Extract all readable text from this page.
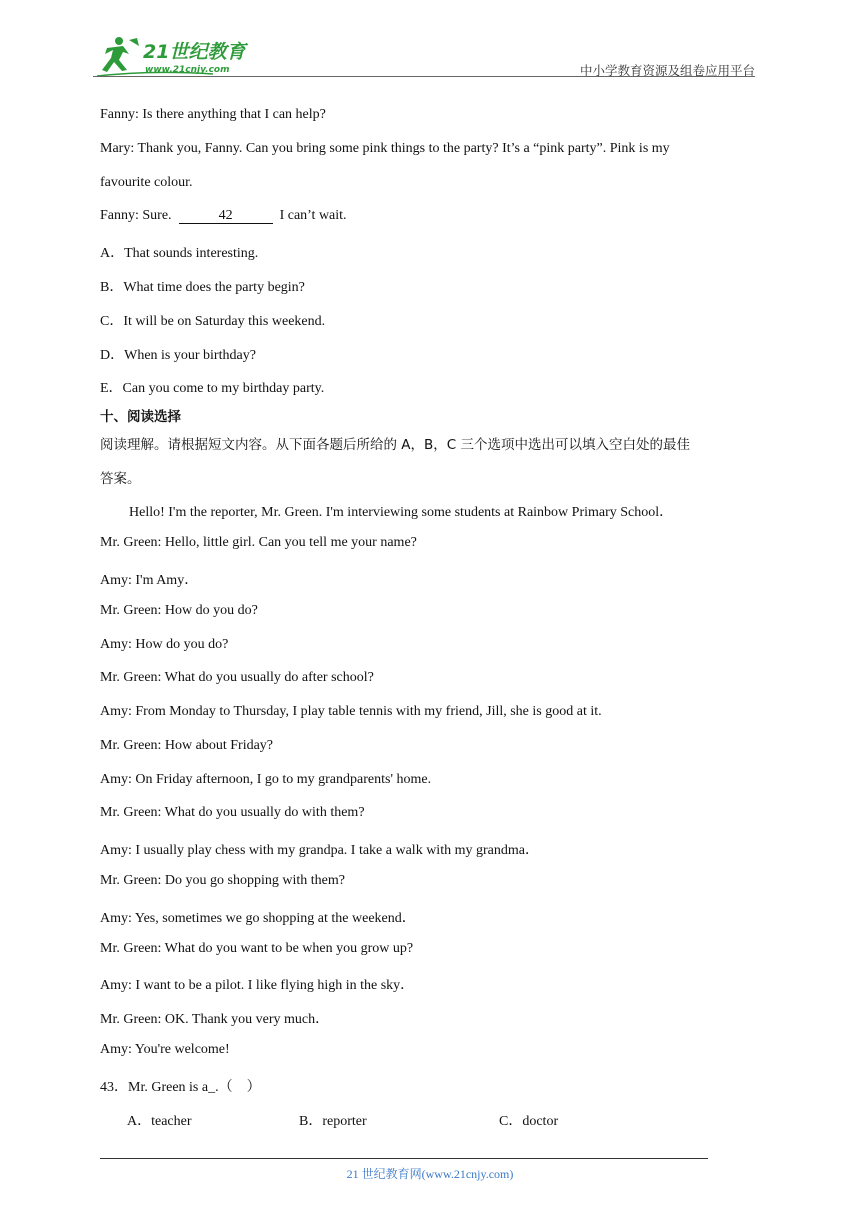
21世纪教育
www.21cnjy.com	中小学教育资源及组卷应用平台
Fanny: Is there anything that I can help?
Mary: Thank you, Fanny. Can you bring some pink things to the party? It’s a “pink party”. Pink is my
favourite colour.
Fanny: Sure.	42	I can’t wait.
A．That sounds interesting.
B．What time does the party begin?
C．It will be on Saturday this weekend.
D．When is your birthday?
E．Can you come to my birthday party.
十、阅读选择
阅读理解。请根据短文内容。从下面各题后所给的 A，B，C 三个选项中选出可以填入空白处的最佳
答案。
Hello! I'm the reporter, Mr. Green. I'm interviewing some students at Rainbow Primary School．
Mr. Green: Hello, little girl. Can you tell me your name?
Amy: I'm Amy．
Mr. Green: How do you do?
Amy: How do you do?
Mr. Green: What do you usually do after school?
Amy: From Monday to Thursday, I play table tennis with my friend, Jill, she is good at it.
Mr. Green: How about Friday?
Amy: On Friday afternoon, I go to my grandparents' home.
Mr. Green: What do you usually do with them?
Amy: I usually play chess with my grandpa. I take a walk with my grandma．
Mr. Green: Do you go shopping with them?
Amy: Yes, sometimes we go shopping at the weekend．
Mr. Green: What do you want to be when you grow up?
Amy: I want to be a pilot. I like flying high in the sky．
Mr. Green: OK. Thank you very much．
Amy: You're welcome!
43．Mr. Green is a_.（　）
A．teacher	B．reporter	C．doctor
21 世纪教育网(www.21cnjy.com)
